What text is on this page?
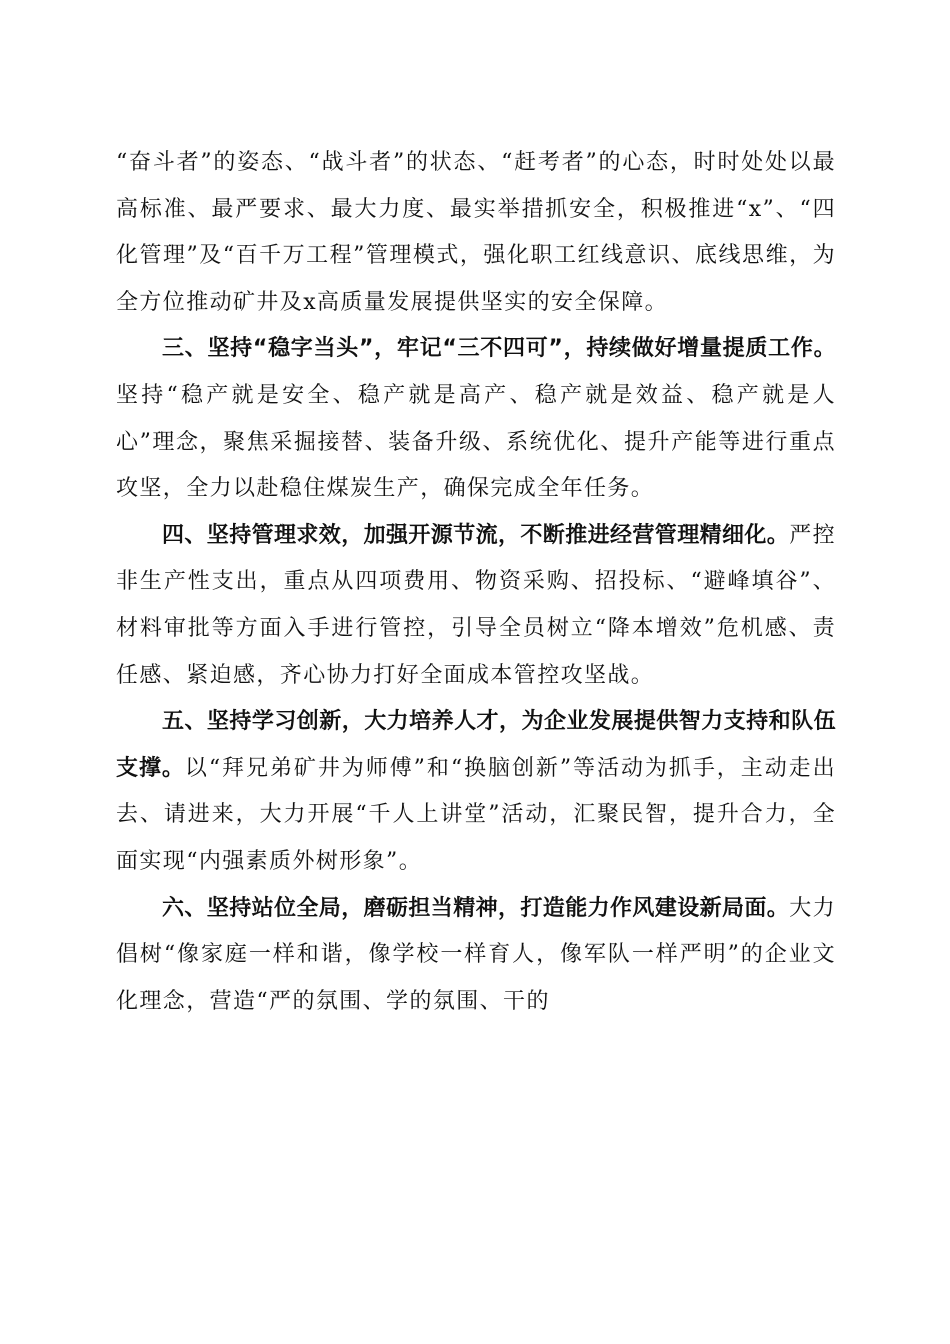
“奋斗者”的姿态、“战斗者”的状态、“赶考者”的心态，时时处处以最高标准、最严要求、最大力度、最实举措抓安全，积极推进“x”、“四化管理”及“百千万工程”管理模式，强化职工红线意识、底线思维，为全方位推动矿井及x高质量发展提供坚实的安全保障。

三、坚持“稳字当头”，牢记“三不四可”，持续做好增量提质工作。坚持“稳产就是安全、稳产就是高产、稳产就是效益、稳产就是人心”理念，聚焦采掘接替、装备升级、系统优化、提升产能等进行重点攻坚，全力以赴稳住煤炭生产，确保完成全年任务。

四、坚持管理求效，加强开源节流，不断推进经营管理精细化。严控非生产性支出，重点从四项费用、物资采购、招投标、“避峰填谷”、材料审批等方面入手进行管控，引导全员树立“降本增效”危机感、责任感、紧迫感，齐心协力打好全面成本管控攻坚战。

五、坚持学习创新，大力培养人才，为企业发展提供智力支持和队伍支撑。以“拜兄弟矿井为师傅”和“换脑创新”等活动为抓手，主动走出去、请进来，大力开展“千人上讲堂”活动，汇聚民智，提升合力，全面实现“内强素质外树形象”。

六、坚持站位全局，磨砺担当精神，打造能力作风建设新局面。大力倡树“像家庭一样和谐，像学校一样育人，像军队一样严明”的企业文化理念，营造“严的氛围、学的氛围、干的
